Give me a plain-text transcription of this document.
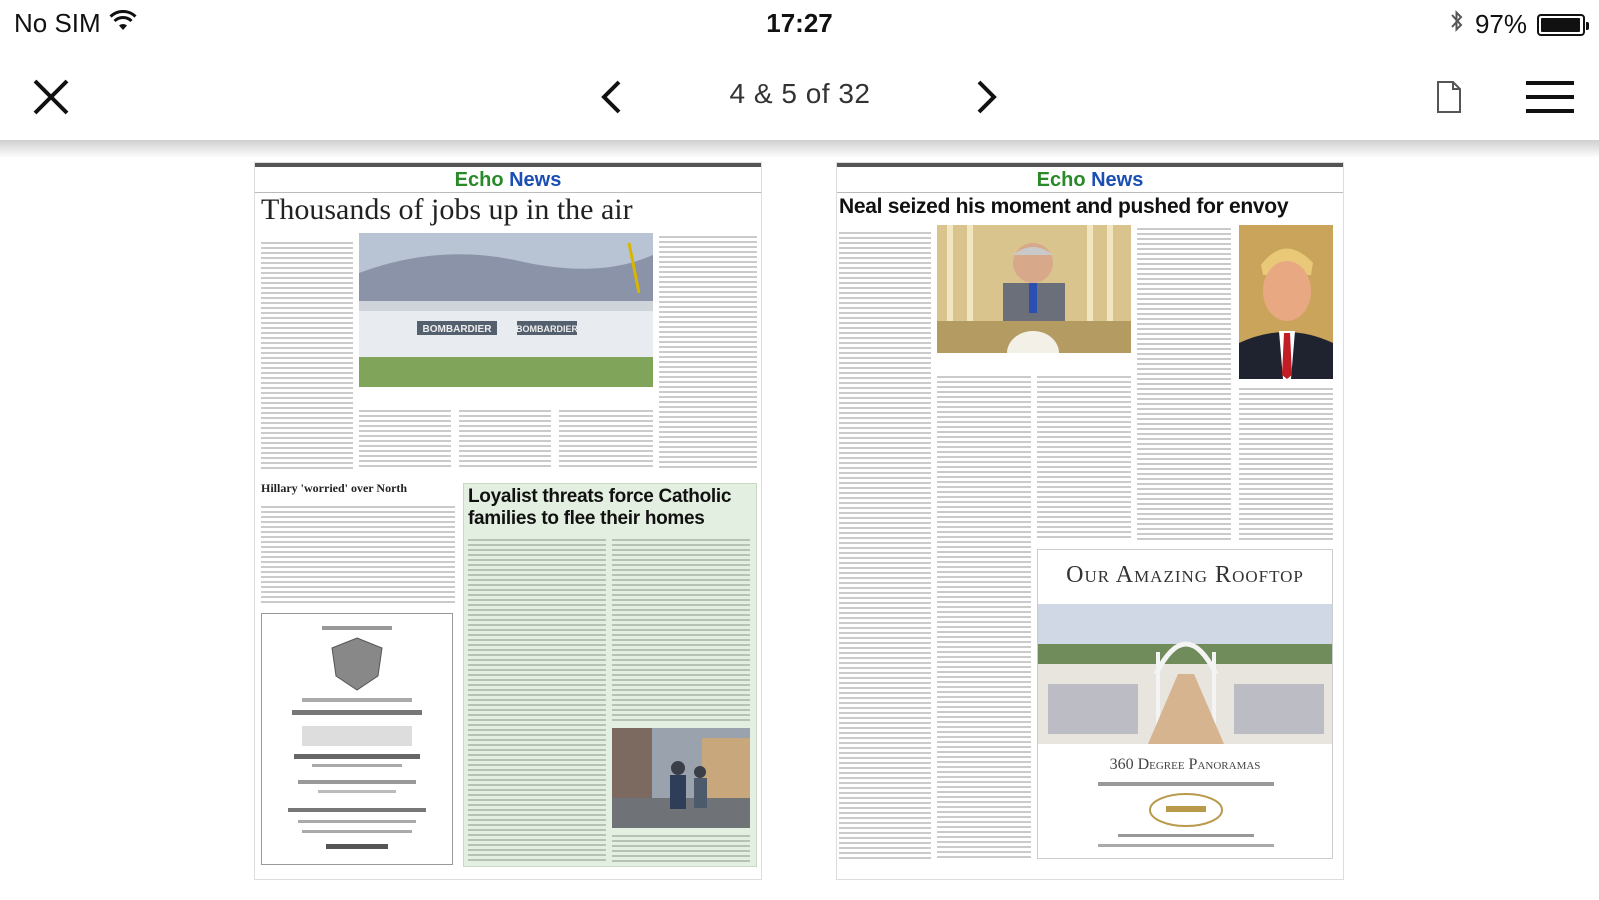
No SIM	17:27	97%
4 & 5 of 32
Echo News
Thousands of jobs up in the air
BOMBARDIER	BOMBARDIER
Hillary 'worried' over North	Loyalist threats force Catholic
families to flee their homes
Echo News
Neal seized his moment and pushed for envoy
Our Amazing Rooftop
360 Degree Panoramas
